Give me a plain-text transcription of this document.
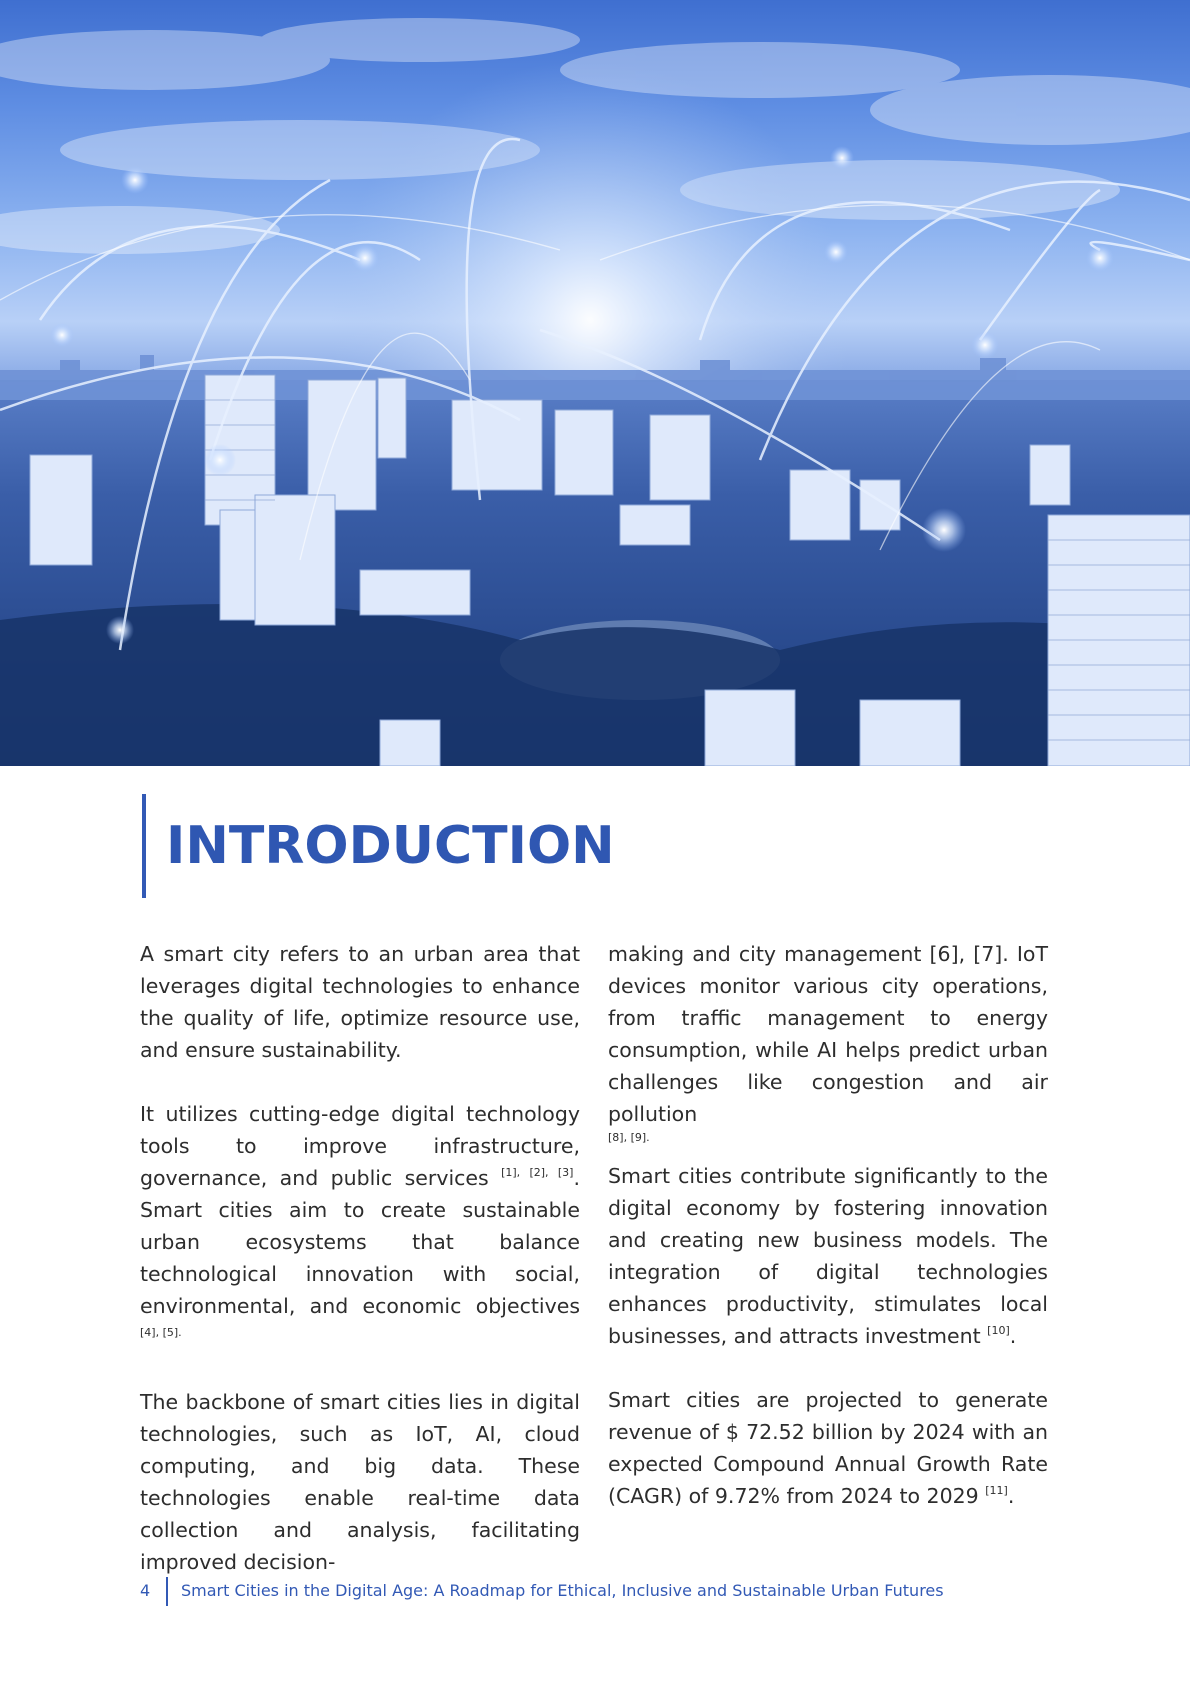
INTRODUCTION

A smart city refers to an urban area that leverages digital technologies to enhance the quality of life, optimize resource use, and ensure sustainability.

It utilizes cutting-edge digital technology tools to improve infrastructure, governance, and public services [1], [2], [3]. Smart cities aim to create sustainable urban ecosystems that balance technological innovation with social, environmental, and economic objectives $^{[4], [5].}$

The backbone of smart cities lies in digital technologies, such as IoT, AI, cloud computing, and big data. These technologies enable real-time data collection and analysis, facilitating improved decision-

making and city management [6], [7]. IoT devices monitor various city operations, from traffic management to energy consumption, while AI helps predict urban challenges like congestion and air pollution

[8], [9].

Smart cities contribute significantly to the digital economy by fostering innovation and creating new business models. The integration of digital technologies enhances productivity, stimulates local businesses, and attracts investment [10].

Smart cities are projected to generate revenue of $ 72.52 billion by 2024 with an expected Compound Annual Growth Rate (CAGR) of 9.72% from 2024 to 2029 [11].

4 Smart Cities in the Digital Age: A Roadmap for Ethical, Inclusive and Sustainable Urban Futures
